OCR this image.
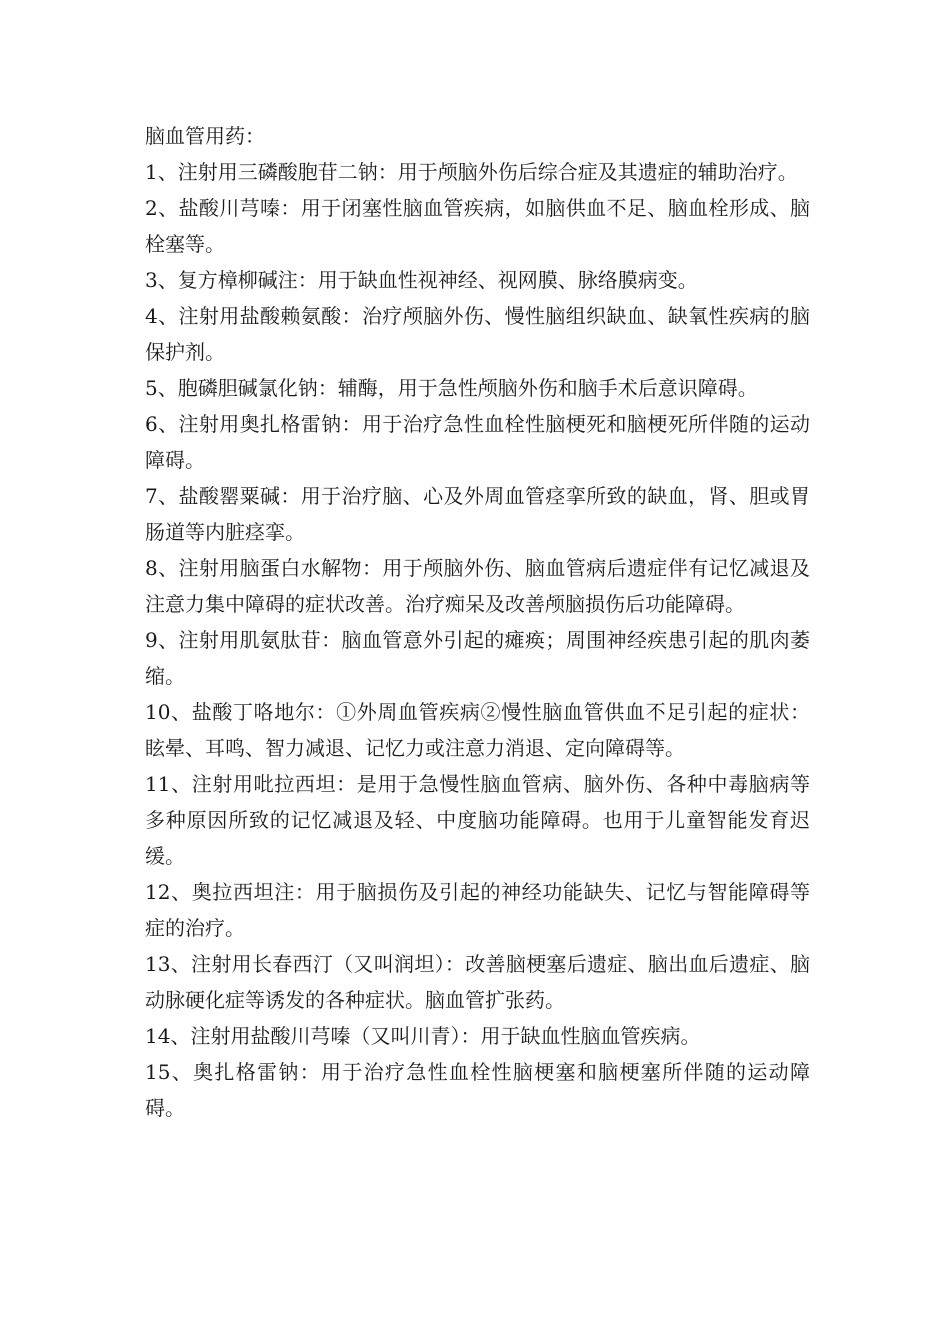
脑血管用药：

1、注射用三磷酸胞苷二钠：用于颅脑外伤后综合症及其遗症的辅助治疗。

2、盐酸川芎嗪：用于闭塞性脑血管疾病，如脑供血不足、脑血栓形成、脑栓塞等。

3、复方樟柳碱注：用于缺血性视神经、视网膜、脉络膜病变。

4、注射用盐酸赖氨酸：治疗颅脑外伤、慢性脑组织缺血、缺氧性疾病的脑保护剂。

5、胞磷胆碱氯化钠：辅酶，用于急性颅脑外伤和脑手术后意识障碍。

6、注射用奥扎格雷钠：用于治疗急性血栓性脑梗死和脑梗死所伴随的运动障碍。

7、盐酸罂粟碱：用于治疗脑、心及外周血管痉挛所致的缺血，肾、胆或胃肠道等内脏痉挛。

8、注射用脑蛋白水解物：用于颅脑外伤、脑血管病后遗症伴有记忆减退及注意力集中障碍的症状改善。治疗痴呆及改善颅脑损伤后功能障碍。

9、注射用肌氨肽苷：脑血管意外引起的瘫痪；周围神经疾患引起的肌肉萎缩。

10、盐酸丁咯地尔：①外周血管疾病②慢性脑血管供血不足引起的症状：眩晕、耳鸣、智力减退、记忆力或注意力消退、定向障碍等。

11、注射用吡拉西坦：是用于急慢性脑血管病、脑外伤、各种中毒脑病等多种原因所致的记忆减退及轻、中度脑功能障碍。也用于儿童智能发育迟缓。

12、奥拉西坦注：用于脑损伤及引起的神经功能缺失、记忆与智能障碍等症的治疗。

13、注射用长春西汀（又叫润坦）：改善脑梗塞后遗症、脑出血后遗症、脑动脉硬化症等诱发的各种症状。脑血管扩张药。

14、注射用盐酸川芎嗪（又叫川青）：用于缺血性脑血管疾病。

15、奥扎格雷钠：用于治疗急性血栓性脑梗塞和脑梗塞所伴随的运动障碍。
